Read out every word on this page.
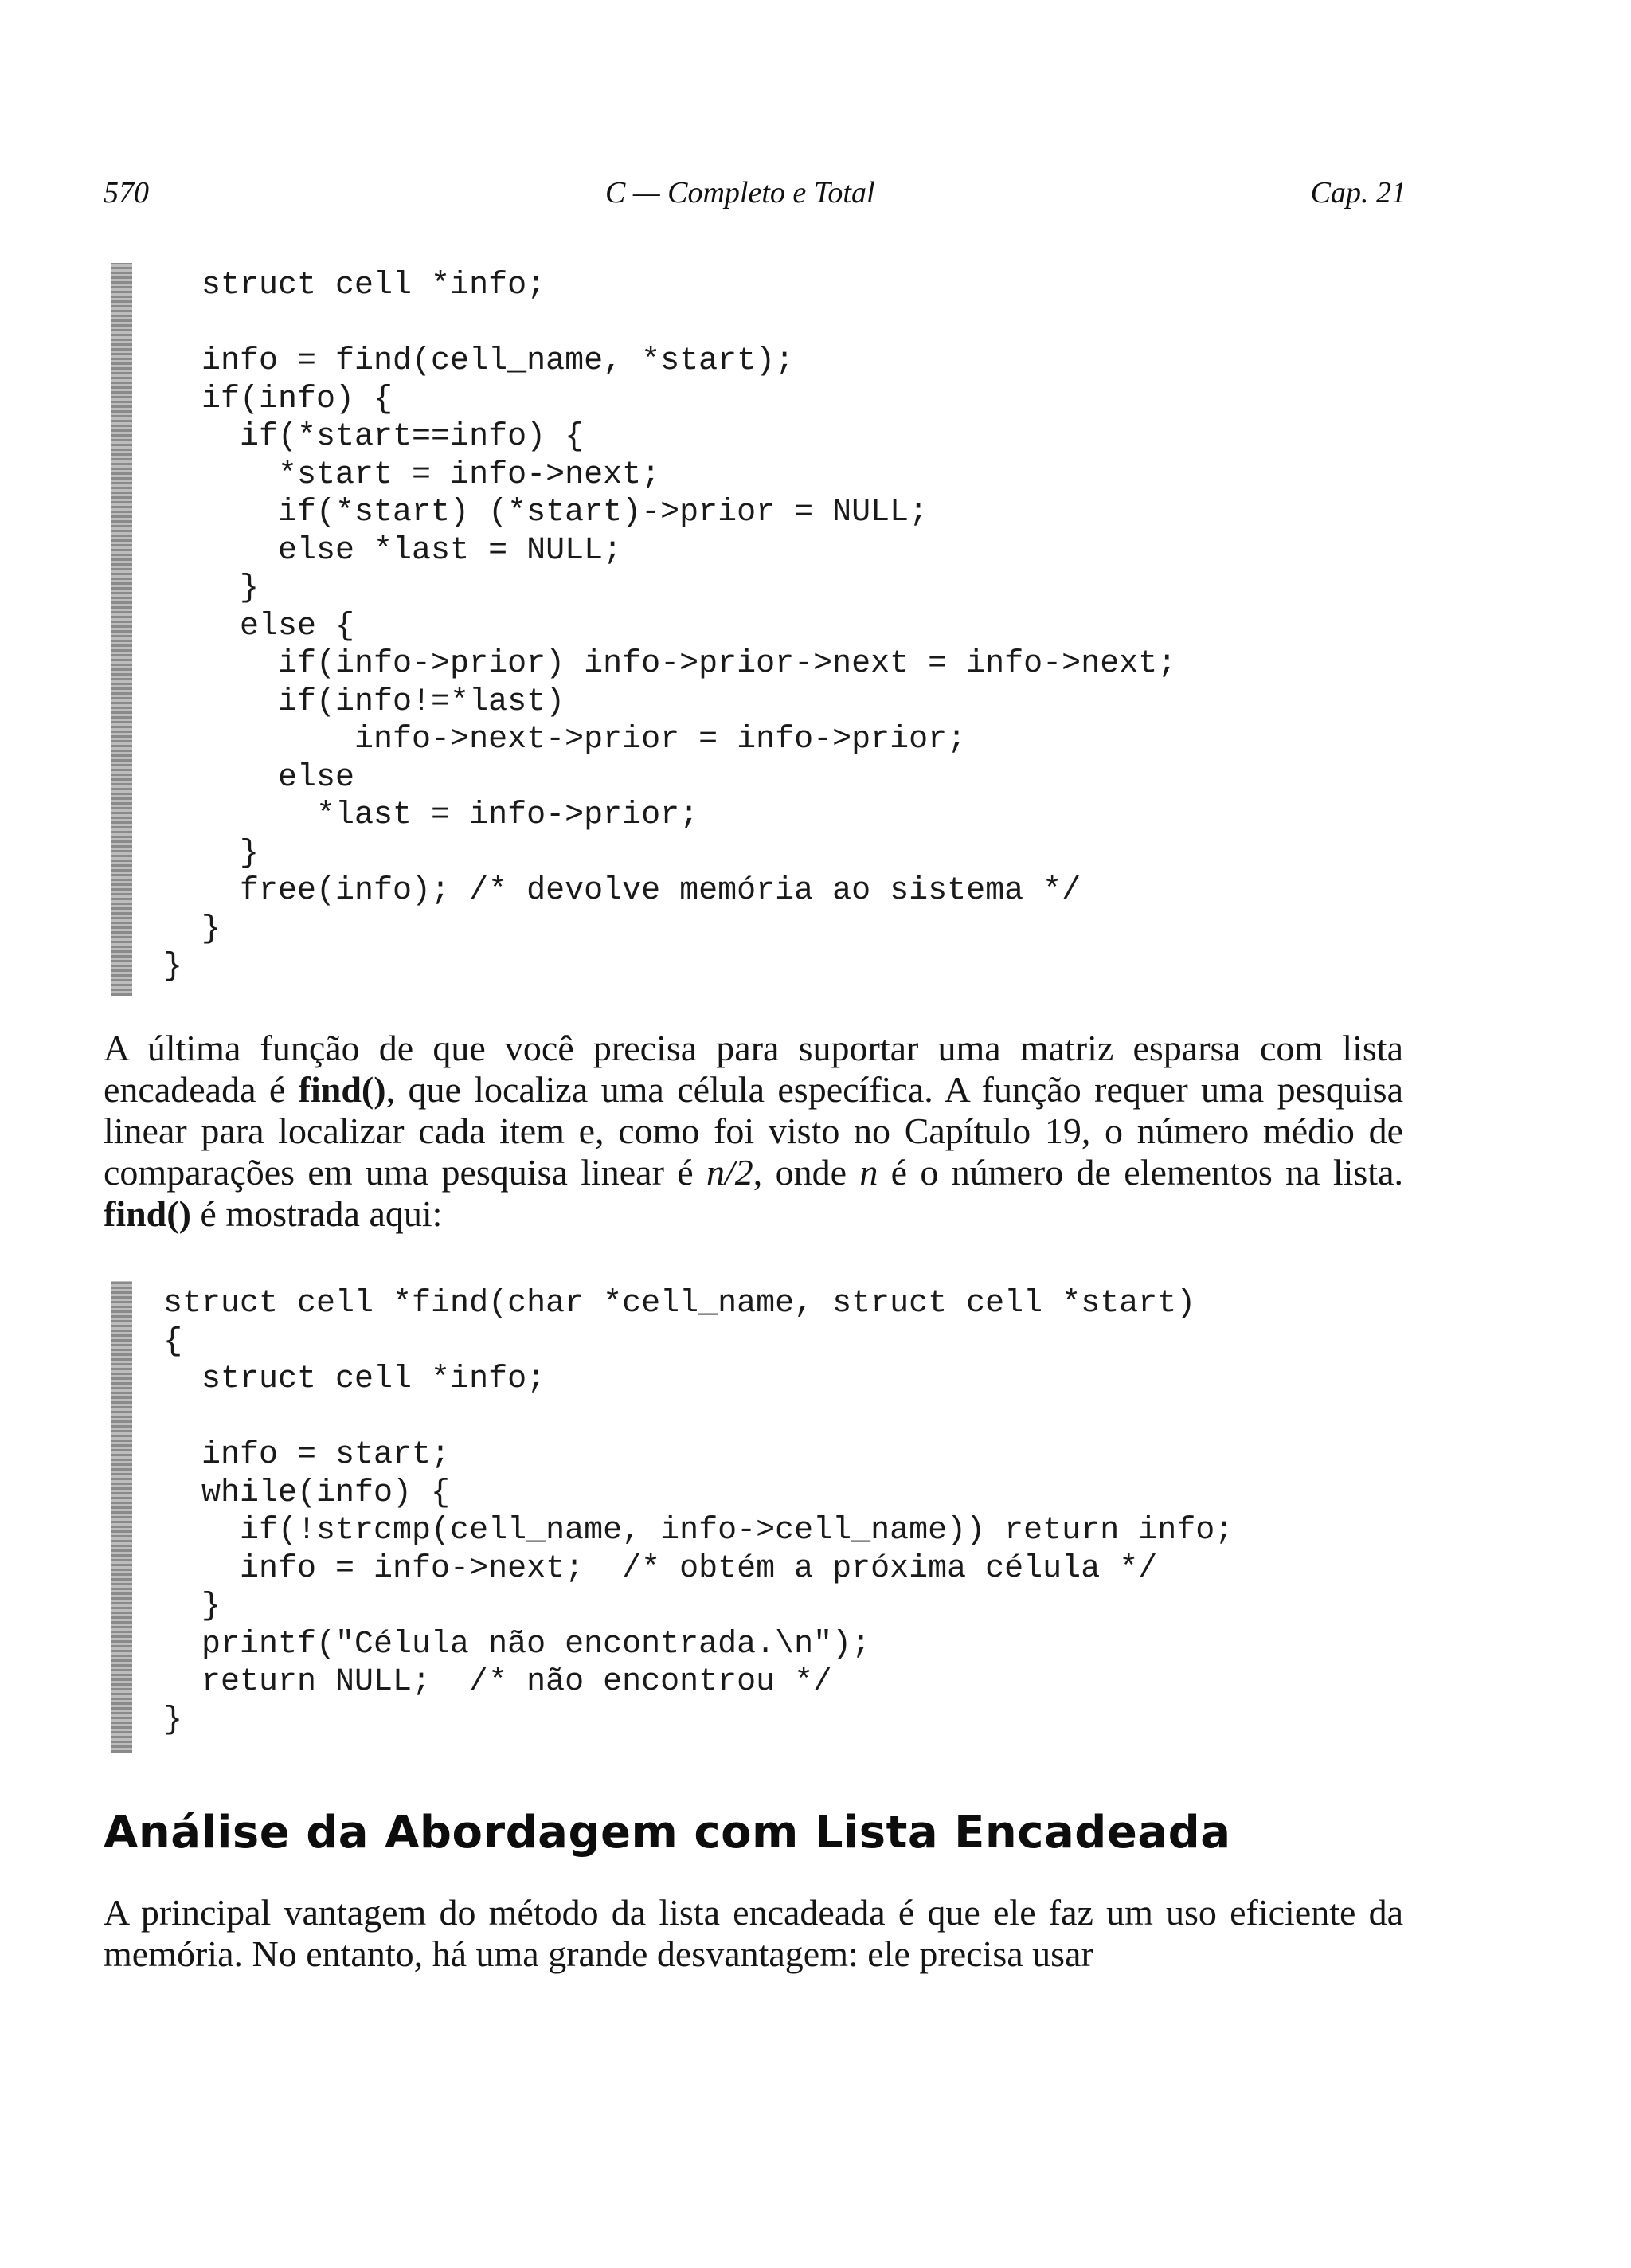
570	C — Completo e Total	Cap. 21
struct cell *info;

info = find(cell_name, *start);
if(info) {
if(*start==info) {
*start = info->next;
if(*start) (*start)->prior = NULL;
else *last = NULL;
}
else {
if(info->prior) info->prior->next = info->next;
if(info!=*last)
info->next->prior = info->prior;
else
*last = info->prior;
}
free(info); /* devolve memória ao sistema */
}
}

A última função de que você precisa para suportar uma matriz esparsa com lista encadeada é find(), que localiza uma célula específica. A função requer uma pesquisa linear para localizar cada item e, como foi visto no Capítulo 19, o número médio de comparações em uma pesquisa linear é n/2, onde n é o número de elementos na lista. find() é mostrada aqui:

struct cell *find(char *cell_name, struct cell *start)
{
struct cell *info;

info = start;
while(info) {
if(!strcmp(cell_name, info->cell_name)) return info;
info = info->next;  /* obtém a próxima célula */
}
printf("Célula não encontrada.\n");
return NULL;  /* não encontrou */
}
Análise da Abordagem com Lista Encadeada

A principal vantagem do método da lista encadeada é que ele faz um uso eficiente da memória. No entanto, há uma grande desvantagem: ele precisa usar
